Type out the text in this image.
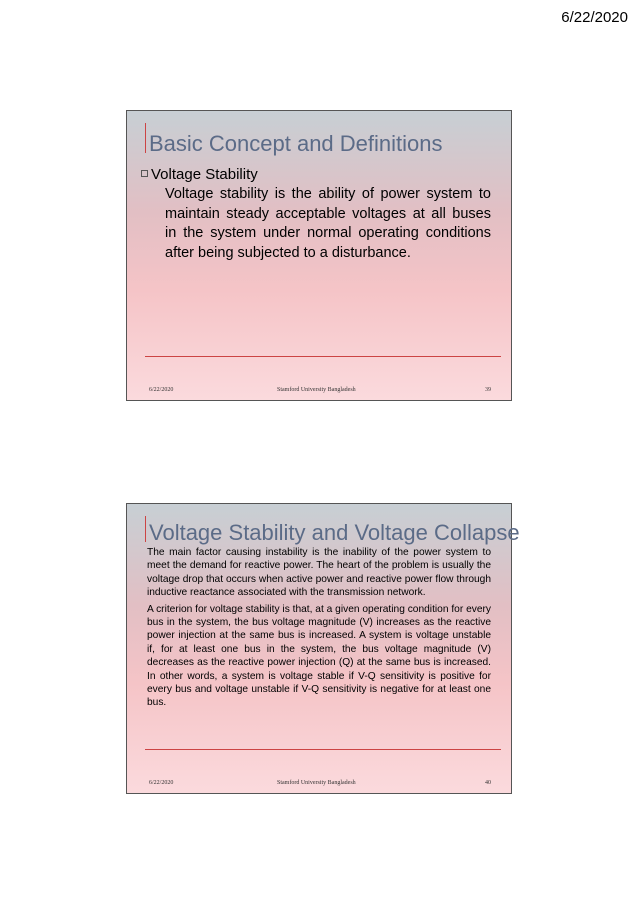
6/22/2020
Basic Concept and Definitions
Voltage Stability
Voltage stability is the ability of power system to maintain steady acceptable voltages at all buses in the system under normal operating conditions after being subjected to a disturbance.
6/22/2020	Stamford University Bangladesh	39
Voltage Stability and Voltage Collapse

The main factor causing instability is the inability of the power system to meet the demand for reactive power. The heart of the problem is usually the voltage drop that occurs when active power and reactive power flow through inductive reactance associated with the transmission network.

A criterion for voltage stability is that, at a given operating condition for every bus in the system, the bus voltage magnitude (V) increases as the reactive power injection at the same bus is increased. A system is voltage unstable if, for at least one bus in the system, the bus voltage magnitude (V) decreases as the reactive power injection (Q) at the same bus is increased. In other words, a system is voltage stable if V-Q sensitivity is positive for every bus and voltage unstable if V-Q sensitivity is negative for at least one bus.

6/22/2020	Stamford University Bangladesh	40
